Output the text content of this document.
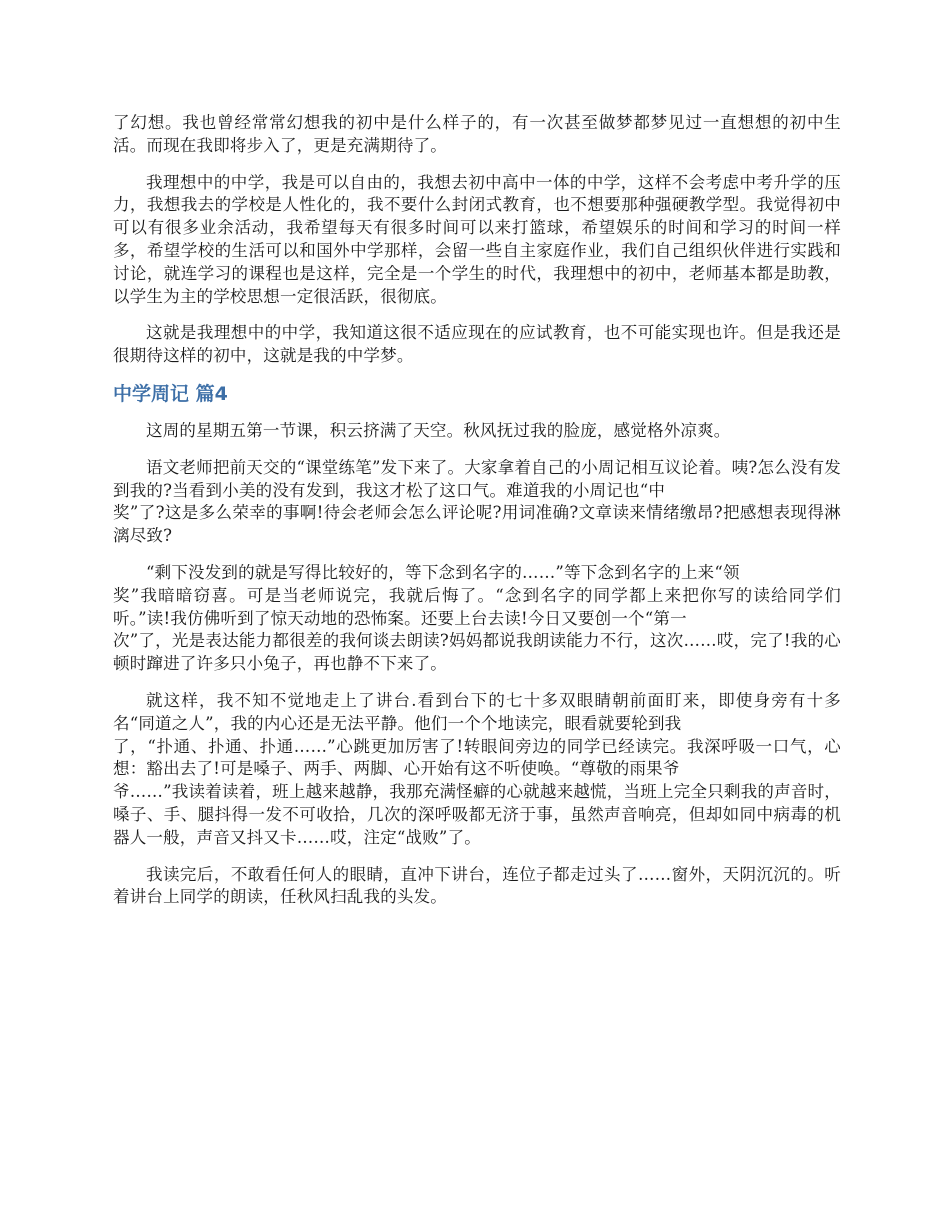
了幻想。我也曾经常常幻想我的初中是什么样子的，有一次甚至做梦都梦见过一直想想的初中生活。而现在我即将步入了，更是充满期待了。

我理想中的中学，我是可以自由的，我想去初中高中一体的中学，这样不会考虑中考升学的压力，我想我去的学校是人性化的，我不要什么封闭式教育，也不想要那种强硬教学型。我觉得初中可以有很多业余活动，我希望每天有很多时间可以来打篮球，希望娱乐的时间和学习的时间一样多，希望学校的生活可以和国外中学那样，会留一些自主家庭作业，我们自己组织伙伴进行实践和讨论，就连学习的课程也是这样，完全是一个学生的时代，我理想中的初中，老师基本都是助教，以学生为主的学校思想一定很活跃，很彻底。

这就是我理想中的中学，我知道这很不适应现在的应试教育，也不可能实现也许。但是我还是很期待这样的初中，这就是我的中学梦。

中学周记 篇4

这周的星期五第一节课，积云挤满了天空。秋风抚过我的脸庞，感觉格外凉爽。

语文老师把前天交的“课堂练笔”发下来了。大家拿着自己的小周记相互议论着。咦?怎么没有发到我的?当看到小美的没有发到，我这才松了这口气。难道我的小周记也“中
奖”了?这是多么荣幸的事啊!待会老师会怎么评论呢?用词准确?文章读来情绪缴昂?把感想表现得淋漓尽致?

“剩下没发到的就是写得比较好的，等下念到名字的……”等下念到名字的上来“领
奖”我暗暗窃喜。可是当老师说完，我就后悔了。“念到名字的同学都上来把你写的读给同学们听。”读!我仿佛听到了惊天动地的恐怖案。还要上台去读!今日又要创一个“第一
次”了，光是表达能力都很差的我何谈去朗读?妈妈都说我朗读能力不行，这次……哎，完了!我的心顿时蹿进了许多只小兔子，再也静不下来了。

就这样，我不知不觉地走上了讲台.看到台下的七十多双眼睛朝前面盯来，即使身旁有十多名“同道之人”，我的内心还是无法平静。他们一个个地读完，眼看就要轮到我
了，“扑通、扑通、扑通……”心跳更加厉害了!转眼间旁边的同学已经读完。我深呼吸一口气，心想：豁出去了!可是嗓子、两手、两脚、心开始有这不听使唤。“尊敬的雨果爷
爷……”我读着读着，班上越来越静，我那充满怪癖的心就越来越慌，当班上完全只剩我的声音时，嗓子、手、腿抖得一发不可收拾，几次的深呼吸都无济于事，虽然声音响亮，但却如同中病毒的机器人一般，声音又抖又卡……哎，注定“战败”了。

我读完后，不敢看任何人的眼睛，直冲下讲台，连位子都走过头了……窗外，天阴沉沉的。听着讲台上同学的朗读，任秋风扫乱我的头发。
